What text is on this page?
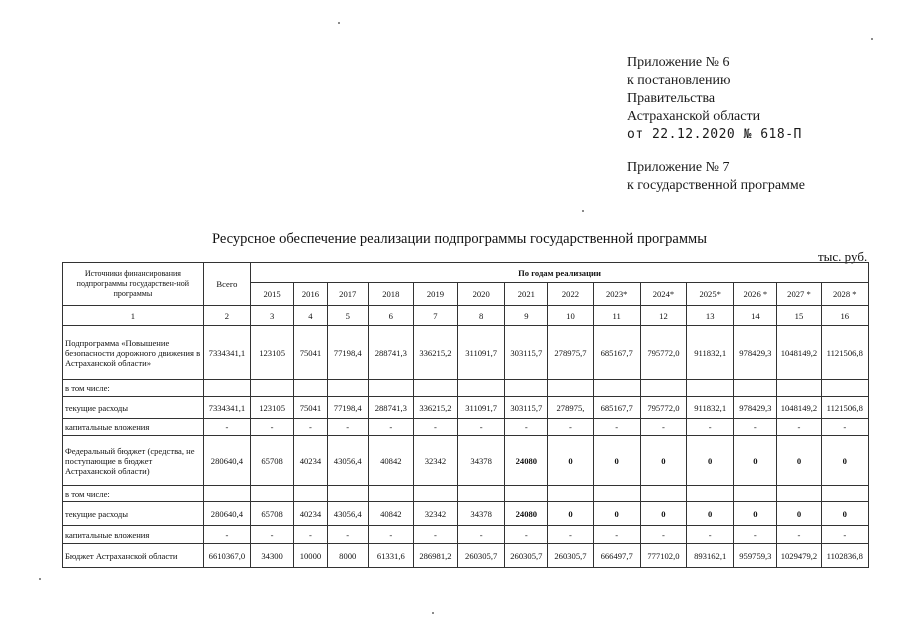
Приложение № 6
к постановлению
Правительства
Астраханской области
от 22.12.2020 № 618-П
Приложение № 7
к государственной программе
Ресурсное обеспечение реализации подпрограммы государственной программы
тыс. руб.
Источники финансирования подпрограммы государствен-ной программы	Всего	По годам реализации													
		2015	2016	2017	2018	2019	2020	2021	2022	2023*	2024*	2025*	2026 *	2027 *	2028 *
1	2	3	4	5	6	7	8	9	10	11	12	13	14	15	16
Подпрограмма «Повышение безопасности дорожного движения в Астраханской области»	7334341,1	123105	75041	77198,4	288741,3	336215,2	311091,7	303115,7	278975,7	685167,7	795772,0	911832,1	978429,3	1048149,2	1121506,8
в том числе:															
текущие расходы	7334341,1	123105	75041	77198,4	288741,3	336215,2	311091,7	303115,7	278975,	685167,7	795772,0	911832,1	978429,3	1048149,2	1121506,8
капитальные вложения	-	-	-	-	-	-	-	-	-	-	-	-	-	-	-
Федеральный бюджет (средства, не поступающие в бюджет Астраханской области)	280640,4	65708	40234	43056,4	40842	32342	34378	24080	0	0	0	0	0	0	0
в том числе:															
текущие расходы	280640,4	65708	40234	43056,4	40842	32342	34378	24080	0	0	0	0	0	0	0
капитальные вложения	-	-	-	-	-	-	-	-	-	-	-	-	-	-	-
Бюджет Астраханской области	6610367,0	34300	10000	8000	61331,6	286981,2	260305,7	260305,7	260305,7	666497,7	777102,0	893162,1	959759,3	1029479,2	1102836,8
